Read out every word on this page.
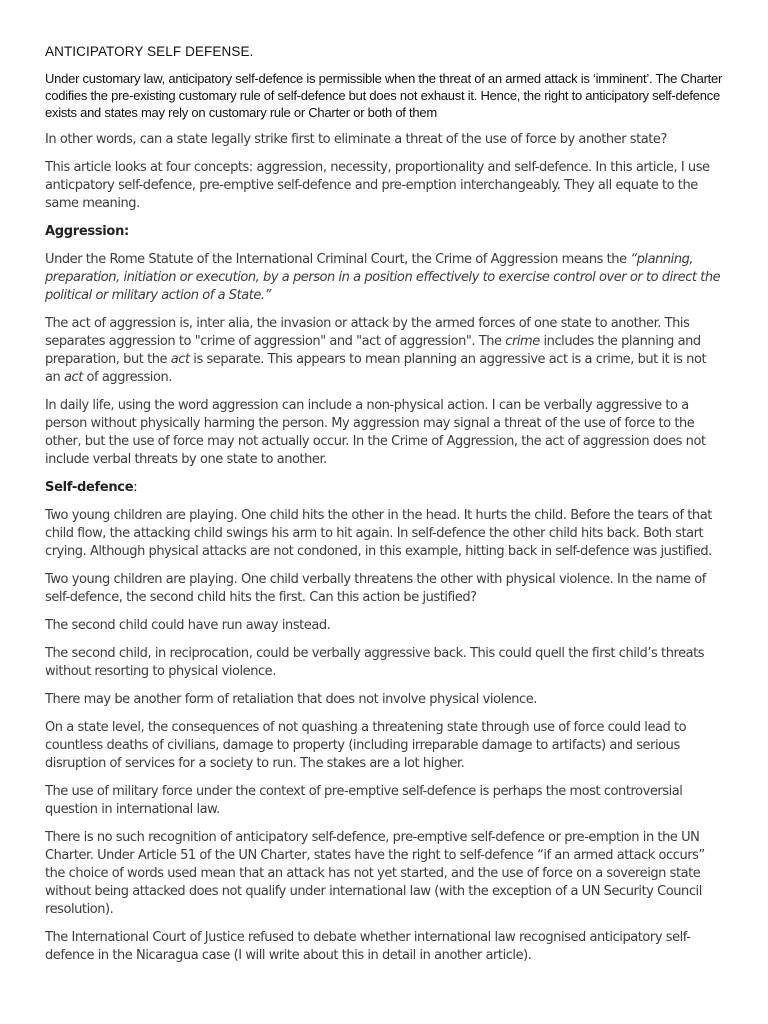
ANTICIPATORY SELF DEFENSE.

Under customary law, anticipatory self-defence is permissible when the threat of an armed attack is ‘imminent’. The Charter codifies the pre-existing customary rule of self-defence but does not exhaust it. Hence, the right to anticipatory self-defence exists and states may rely on customary rule or Charter or both of them

In other words, can a state legally strike first to eliminate a threat of the use of force by another state?

This article looks at four concepts: aggression, necessity, proportionality and self-defence. In this article, I use anticpatory self-defence, pre-emptive self-defence and pre-emption interchangeably. They all equate to the same meaning.

Aggression:

Under the Rome Statute of the International Criminal Court, the Crime of Aggression means the “planning, preparation, initiation or execution, by a person in a position effectively to exercise control over or to direct the political or military action of a State.”

The act of aggression is, inter alia, the invasion or attack by the armed forces of one state to another. This separates aggression to "crime of aggression" and "act of aggression". The crime includes the planning and preparation, but the act is separate. This appears to mean planning an aggressive act is a crime, but it is not an act of aggression.

In daily life, using the word aggression can include a non-physical action. I can be verbally aggressive to a person without physically harming the person. My aggression may signal a threat of the use of force to the other, but the use of force may not actually occur. In the Crime of Aggression, the act of aggression does not include verbal threats by one state to another.

Self-defence:

Two young children are playing. One child hits the other in the head. It hurts the child. Before the tears of that child flow, the attacking child swings his arm to hit again. In self-defence the other child hits back. Both start crying. Although physical attacks are not condoned, in this example, hitting back in self-defence was justified.

Two young children are playing. One child verbally threatens the other with physical violence. In the name of self-defence, the second child hits the first. Can this action be justified?

The second child could have run away instead.

The second child, in reciprocation, could be verbally aggressive back. This could quell the first child’s threats without resorting to physical violence.

There may be another form of retaliation that does not involve physical violence.

On a state level, the consequences of not quashing a threatening state through use of force could lead to countless deaths of civilians, damage to property (including irreparable damage to artifacts) and serious disruption of services for a society to run. The stakes are a lot higher.

The use of military force under the context of pre-emptive self-defence is perhaps the most controversial question in international law.

There is no such recognition of anticipatory self-defence, pre-emptive self-defence or pre-emption in the UN Charter. Under Article 51 of the UN Charter, states have the right to self-defence “if an armed attack occurs” the choice of words used mean that an attack has not yet started, and the use of force on a sovereign state without being attacked does not qualify under international law (with the exception of a UN Security Council resolution).

The International Court of Justice refused to debate whether international law recognised anticipatory self-defence in the Nicaragua case (I will write about this in detail in another article).
